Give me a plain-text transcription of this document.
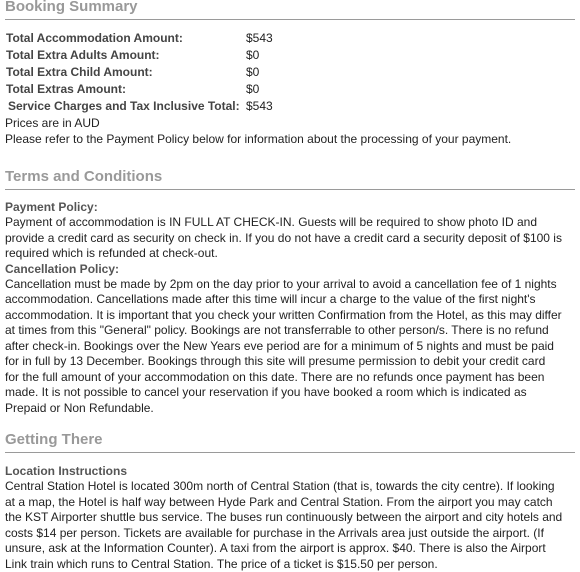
Booking Summary
Total Accommodation Amount:	$543
Total Extra Adults Amount:	$0
Total Extra Child Amount:	$0
Total Extras Amount:	$0
Service Charges and Tax Inclusive Total:	$543
Prices are in AUD
Please refer to the Payment Policy below for information about the processing of your payment.
Terms and Conditions
Payment Policy:
Payment of accommodation is IN FULL AT CHECK-IN. Guests will be required to show photo ID and
provide a credit card as security on check in. If you do not have a credit card a security deposit of $100 is
required which is refunded at check-out.
Cancellation Policy:
Cancellation must be made by 2pm on the day prior to your arrival to avoid a cancellation fee of 1 nights
accommodation. Cancellations made after this time will incur a charge to the value of the first night's
accommodation. It is important that you check your written Confirmation from the Hotel, as this may differ
at times from this "General" policy. Bookings are not transferrable to other person/s. There is no refund
after check-in. Bookings over the New Years eve period are for a minimum of 5 nights and must be paid
for in full by 13 December. Bookings through this site will presume permission to debit your credit card
for the full amount of your accommodation on this date. There are no refunds once payment has been
made. It is not possible to cancel your reservation if you have booked a room which is indicated as
Prepaid or Non Refundable.
Getting There
Location Instructions
Central Station Hotel is located 300m north of Central Station (that is, towards the city centre). If looking
at a map, the Hotel is half way between Hyde Park and Central Station. From the airport you may catch
the KST Airporter shuttle bus service. The buses run continuously between the airport and city hotels and
costs $14 per person. Tickets are available for purchase in the Arrivals area just outside the airport. (If
unsure, ask at the Information Counter). A taxi from the airport is approx. $40. There is also the Airport
Link train which runs to Central Station. The price of a ticket is $15.50 per person.
